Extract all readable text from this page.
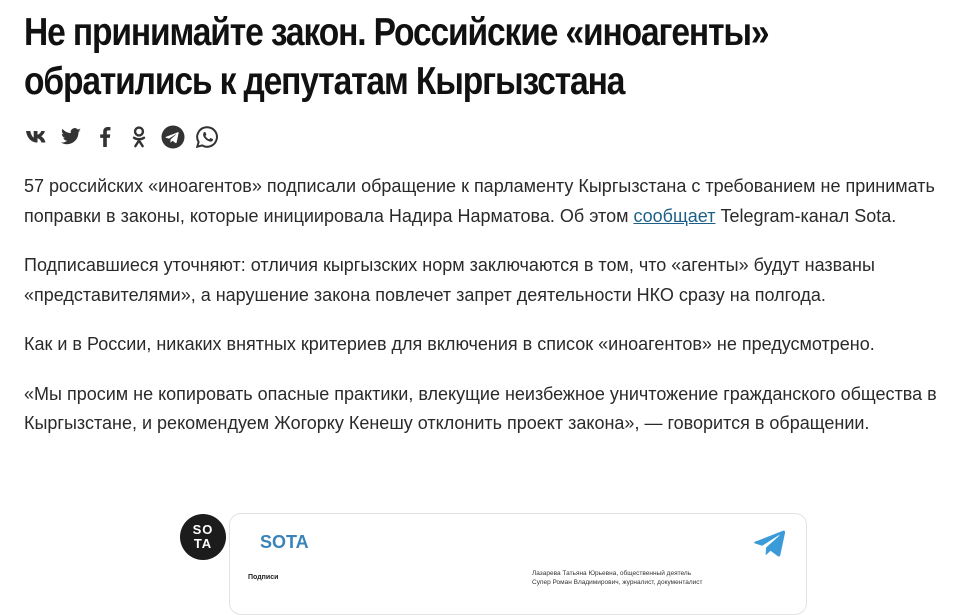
Не принимайте закон. Российские «иноагенты»
обратились к депутатам Кыргызстана

57 российских «иноагентов» подписали обращение к парламенту Кыргызстана с требованием не принимать поправки в законы, которые инициировала Надира Нарматова. Об этом сообщает Telegram-канал Sota.

Подписавшиеся уточняют: отличия кыргызских норм заключаются в том, что «агенты» будут названы «представителями», а нарушение закона повлечет запрет деятельности НКО сразу на полгода.

Как и в России, никаких внятных критериев для включения в список «иноагентов» не предусмотрено.

«Мы просим не копировать опасные практики, влекущие неизбежное уничтожение гражданского общества в Кыргызстане, и рекомендуем Жогорку Кенешу отклонить проект закона», — говорится в обращении.

SO
TA	SOTA
Подписи
Лазарева Татьяна Юрьевна, общественный деятель
Супер Роман Владимирович, журналист, документалист
